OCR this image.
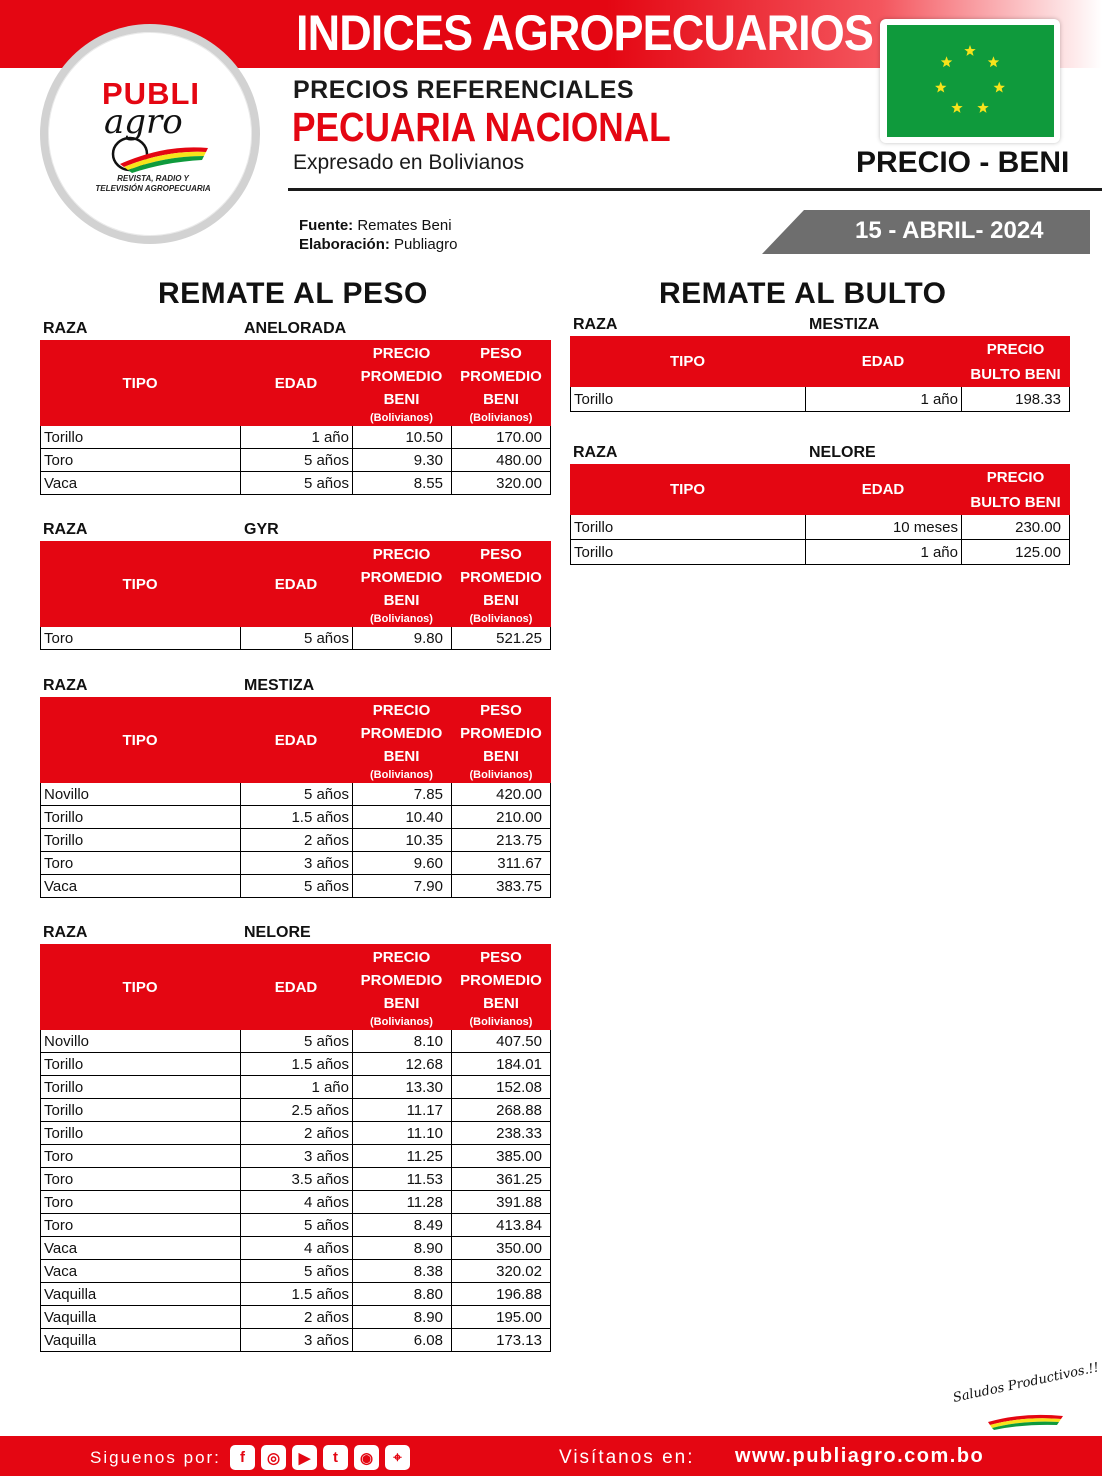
INDICES AGROPECUARIOS
PUBLI
agro
REVISTA, RADIO Y
TELEVISIÓN AGROPECUARIA
PRECIOS REFERENCIALES
PECUARIA NACIONAL
Expresado en Bolivianos
Fuente: Remates Beni
Elaboración: Publiagro
PRECIO - BENI
15 - ABRIL- 2024
REMATE AL PESO	REMATE AL BULTO
RAZA	ANELORADA
TIPO	EDAD
PRECIO
PROMEDIO
BENI
(Bolivianos)
PESO
PROMEDIO
BENI
(Bolivianos)
Torillo	1 año	10.50	170.00
Toro	5 años	9.30	480.00
Vaca	5 años	8.55	320.00
RAZA	GYR
TIPO	EDAD
PRECIO
PROMEDIO
BENI
(Bolivianos)
PESO
PROMEDIO
BENI
(Bolivianos)
Toro	5 años	9.80	521.25
RAZA	MESTIZA
TIPO	EDAD
PRECIO
PROMEDIO
BENI
(Bolivianos)
PESO
PROMEDIO
BENI
(Bolivianos)
Novillo	5 años	7.85	420.00
Torillo	1.5 años	10.40	210.00
Torillo	2 años	10.35	213.75
Toro	3 años	9.60	311.67
Vaca	5 años	7.90	383.75
RAZA	NELORE
TIPO	EDAD
PRECIO
PROMEDIO
BENI
(Bolivianos)
PESO
PROMEDIO
BENI
(Bolivianos)
Novillo	5 años	8.10	407.50
Torillo	1.5 años	12.68	184.01
Torillo	1 año	13.30	152.08
Torillo	2.5 años	11.17	268.88
Torillo	2 años	11.10	238.33
Toro	3 años	11.25	385.00
Toro	3.5 años	11.53	361.25
Toro	4 años	11.28	391.88
Toro	5 años	8.49	413.84
Vaca	4 años	8.90	350.00
Vaca	5 años	8.38	320.02
Vaquilla	1.5 años	8.80	196.88
Vaquilla	2 años	8.90	195.00
Vaquilla	3 años	6.08	173.13
RAZA	MESTIZA
TIPO	EDAD
PRECIO
BULTO BENI
Torillo	1 año	198.33
RAZA	NELORE
TIPO	EDAD
PRECIO
BULTO BENI
Torillo	10 meses	230.00
Torillo	1 año	125.00
Saludos Productivos.!!
Siguenos por:	f	◎	▶	t	◉	⌖	Visítanos en: www.publiagro.com.bo
